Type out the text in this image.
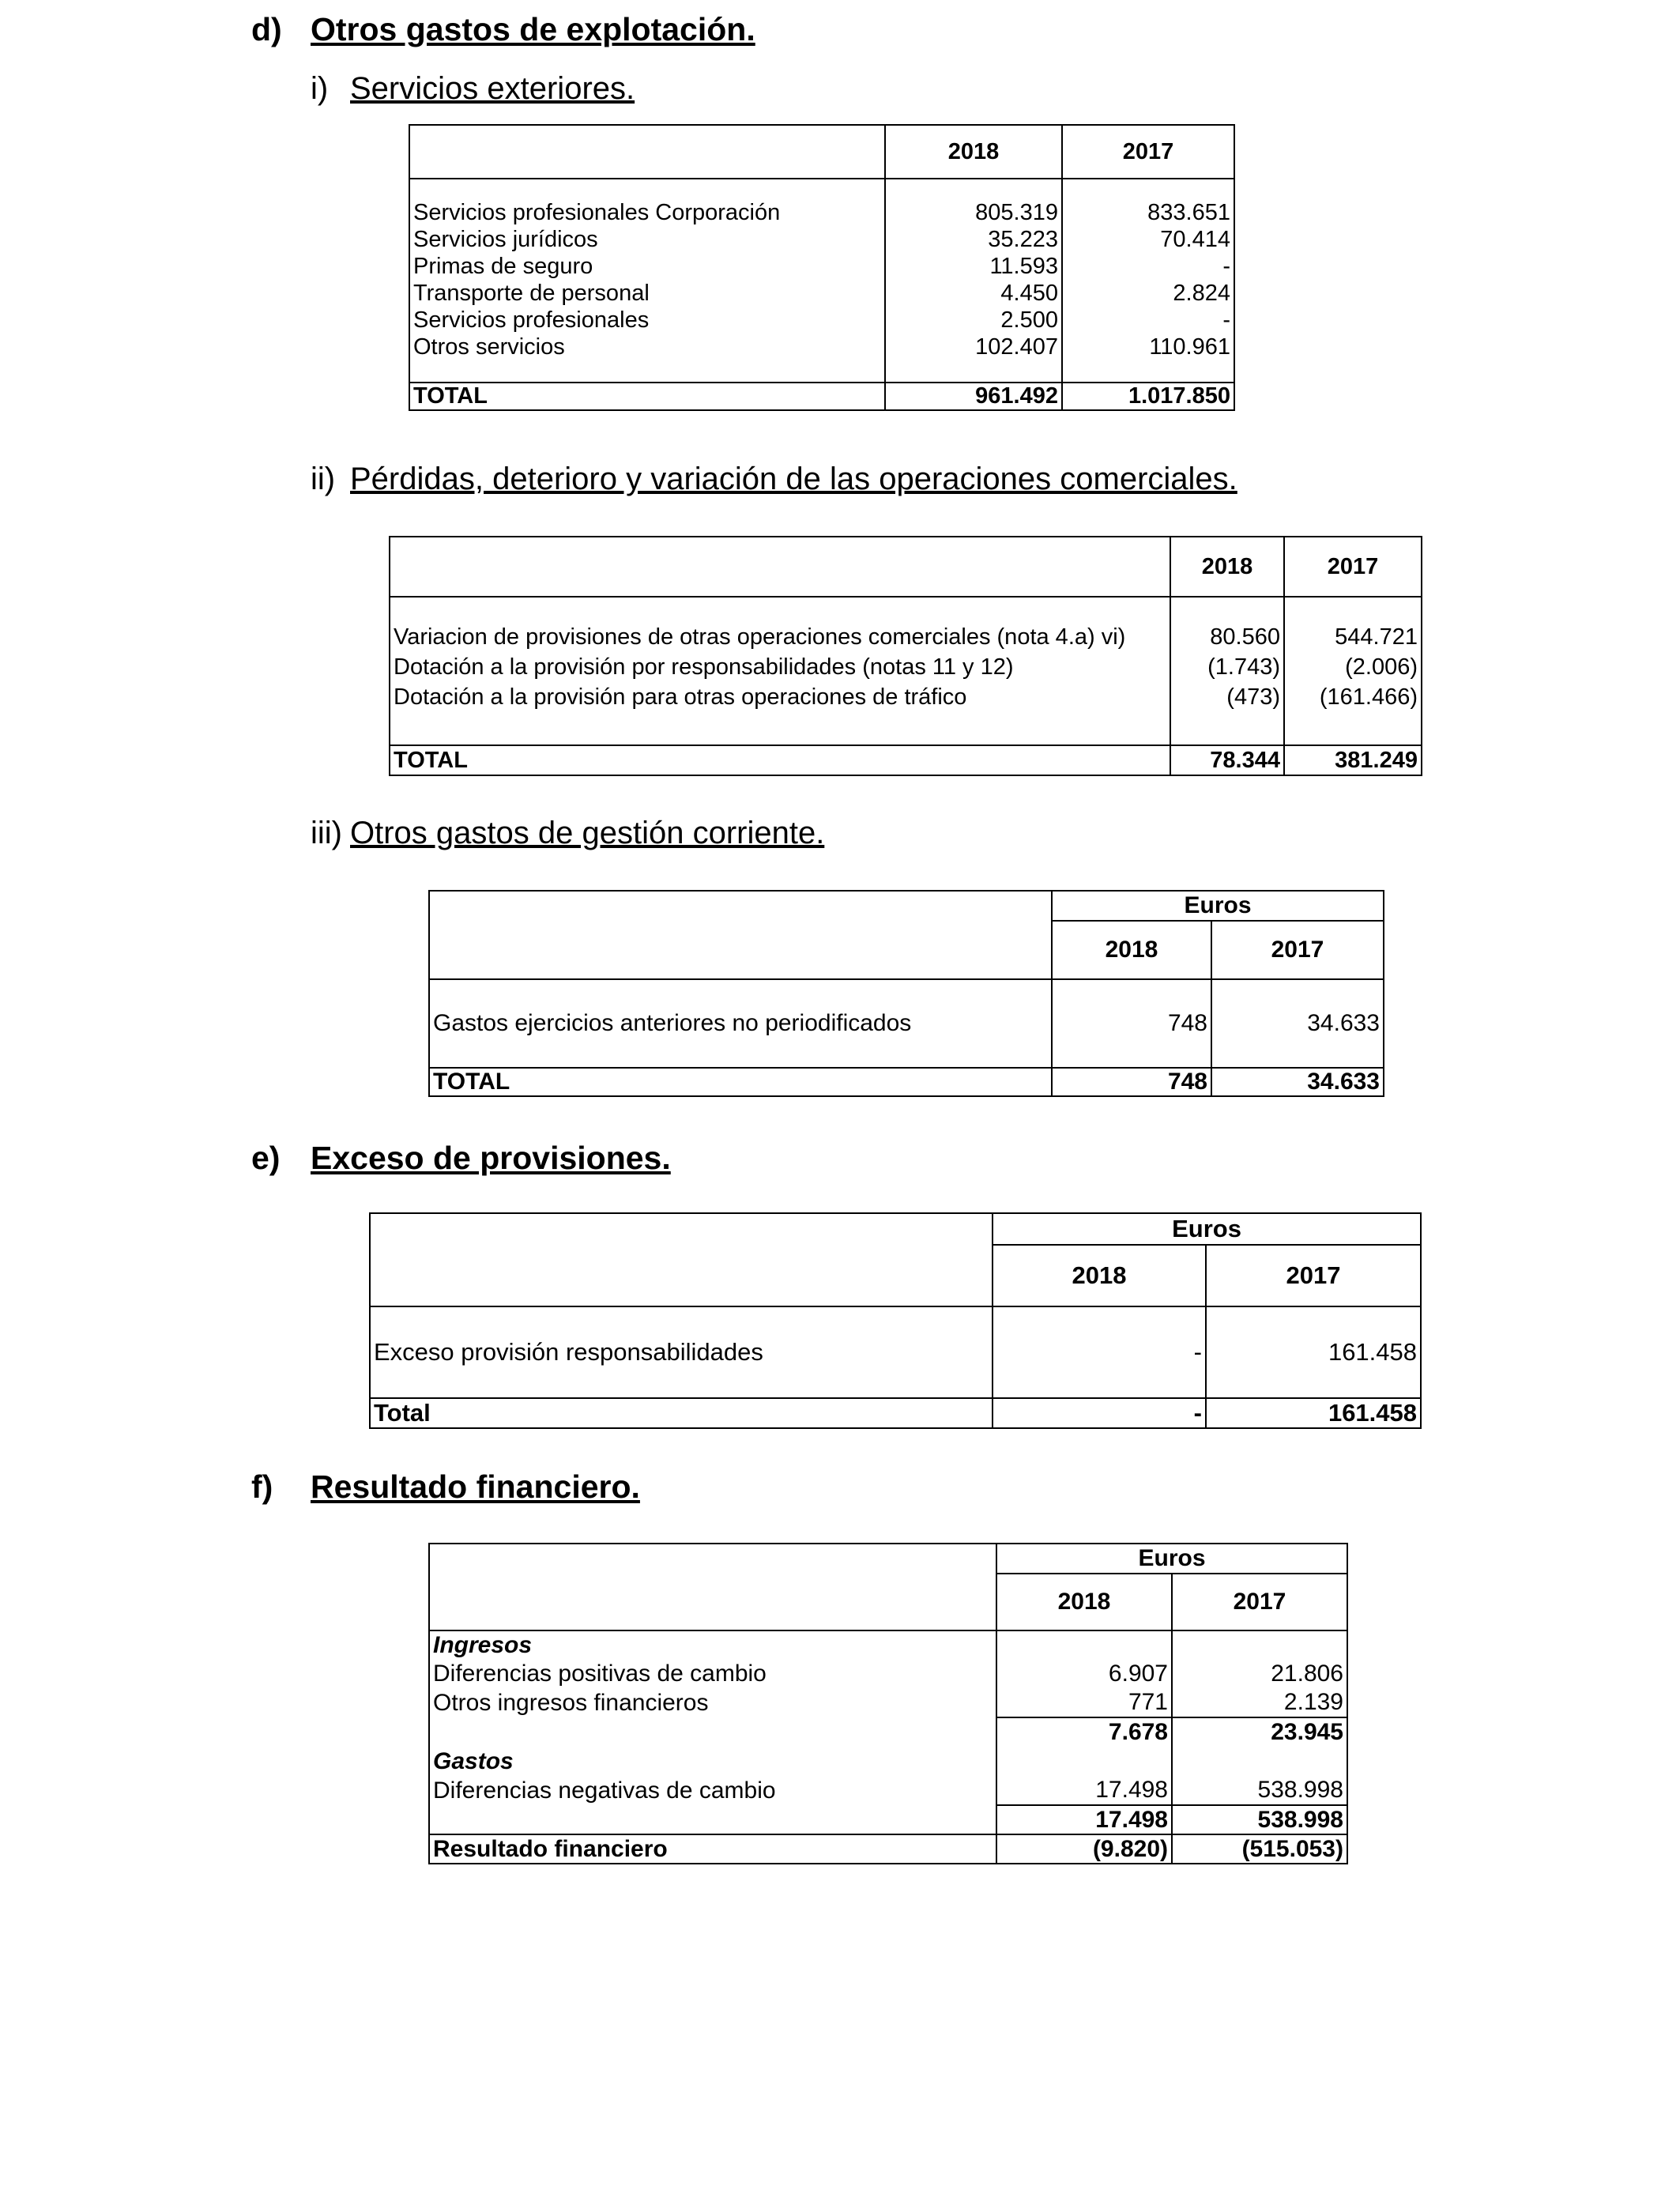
d) Otros gastos de explotación.
i) Servicios exteriores.
	2018	2017

Servicios profesionales Corporación	805.319	833.651
Servicios jurídicos	35.223	70.414
Primas de seguro	11.593	-
Transporte de personal	4.450	2.824
Servicios profesionales	2.500	-
Otros servicios	102.407	110.961

TOTAL	961.492	1.017.850
ii) Pérdidas, deterioro y variación de las operaciones comerciales.
	2018	2017

Variacion de provisiones de otras operaciones comerciales (nota 4.a) vi)	80.560	544.721
Dotación a la provisión por responsabilidades (notas 11 y 12)	(1.743)	(2.006)
Dotación a la provisión para otras operaciones de tráfico	(473)	(161.466)

TOTAL	78.344	381.249
iii) Otros gastos de gestión corriente.
	Euros	
	2018	2017
Gastos ejercicios anteriores no periodificados	748	34.633
TOTAL	748	34.633
e) Exceso de provisiones.
	Euros	
	2018	2017
Exceso provisión responsabilidades	-	161.458
Total	-	161.458
f) Resultado financiero.
	Euros	
	2018	2017
Ingresos		
Diferencias positivas de cambio	6.907	21.806
Otros ingresos financieros	771	2.139
	7.678	23.945
Gastos		
Diferencias negativas de cambio	17.498	538.998
	17.498	538.998
Resultado financiero	(9.820)	(515.053)
